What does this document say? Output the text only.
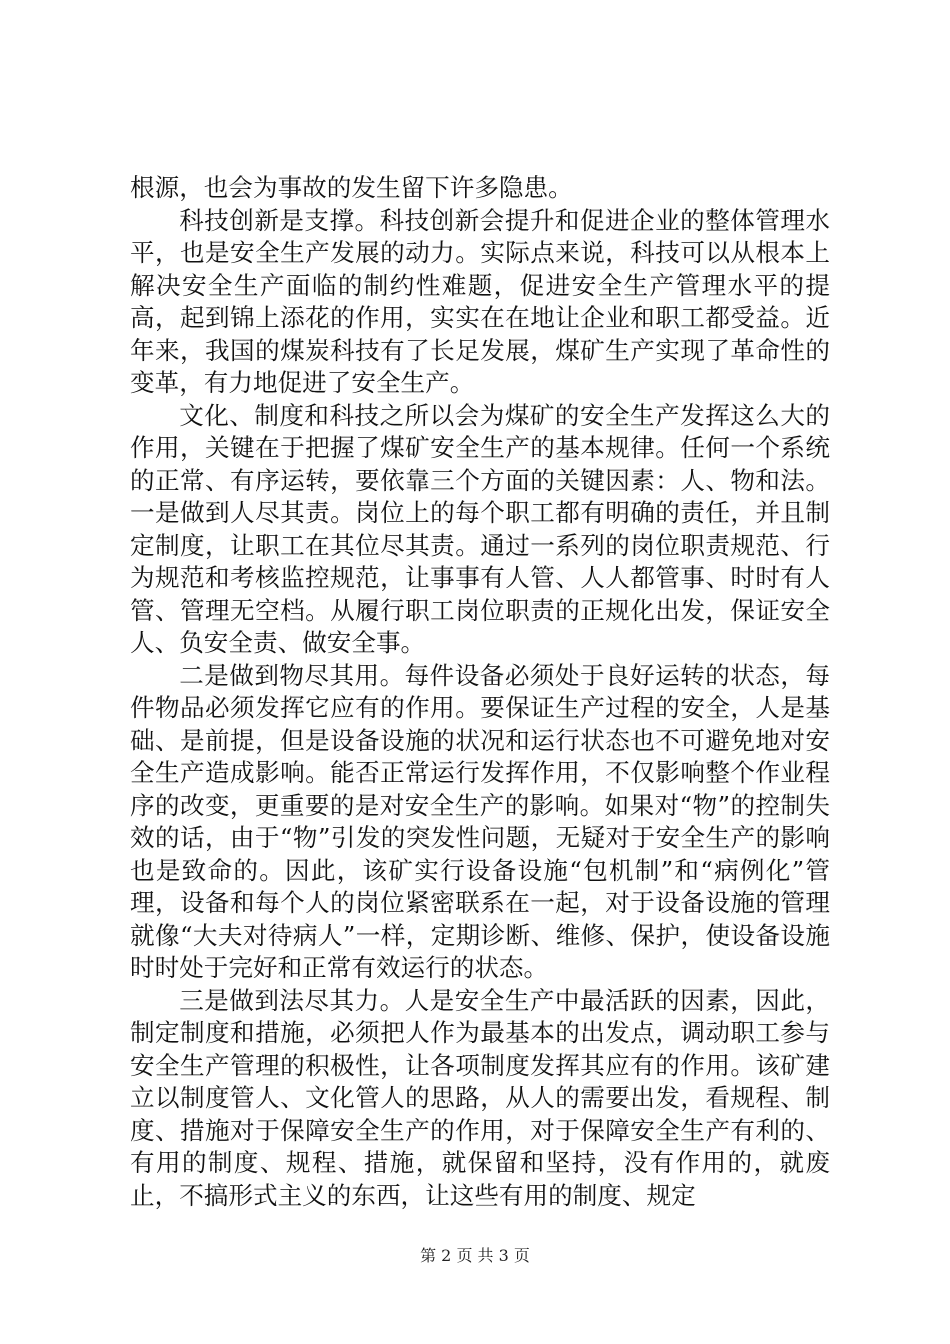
根源，也会为事故的发生留下许多隐患。

科技创新是支撑。科技创新会提升和促进企业的整体管理水平，也是安全生产发展的动力。实际点来说，科技可以从根本上解决安全生产面临的制约性难题，促进安全生产管理水平的提高，起到锦上添花的作用，实实在在地让企业和职工都受益。近年来，我国的煤炭科技有了长足发展，煤矿生产实现了革命性的变革，有力地促进了安全生产。

文化、制度和科技之所以会为煤矿的安全生产发挥这么大的作用，关键在于把握了煤矿安全生产的基本规律。任何一个系统的正常、有序运转，要依靠三个方面的关键因素：人、物和法。一是做到人尽其责。岗位上的每个职工都有明确的责任，并且制定制度，让职工在其位尽其责。通过一系列的岗位职责规范、行为规范和考核监控规范，让事事有人管、人人都管事、时时有人管、管理无空档。从履行职工岗位职责的正规化出发，保证安全人、负安全责、做安全事。

二是做到物尽其用。每件设备必须处于良好运转的状态，每件物品必须发挥它应有的作用。要保证生产过程的安全，人是基础、是前提，但是设备设施的状况和运行状态也不可避免地对安全生产造成影响。能否正常运行发挥作用，不仅影响整个作业程序的改变，更重要的是对安全生产的影响。如果对“物”的控制失效的话，由于“物”引发的突发性问题，无疑对于安全生产的影响也是致命的。因此，该矿实行设备设施“包机制”和“病例化”管理，设备和每个人的岗位紧密联系在一起，对于设备设施的管理就像“大夫对待病人”一样，定期诊断、维修、保护，使设备设施时时处于完好和正常有效运行的状态。

三是做到法尽其力。人是安全生产中最活跃的因素，因此，制定制度和措施，必须把人作为最基本的出发点，调动职工参与安全生产管理的积极性，让各项制度发挥其应有的作用。该矿建立以制度管人、文化管人的思路，从人的需要出发，看规程、制度、措施对于保障安全生产的作用，对于保障安全生产有利的、有用的制度、规程、措施，就保留和坚持，没有作用的，就废止，不搞形式主义的东西，让这些有用的制度、规定

第 2 页 共 3 页
